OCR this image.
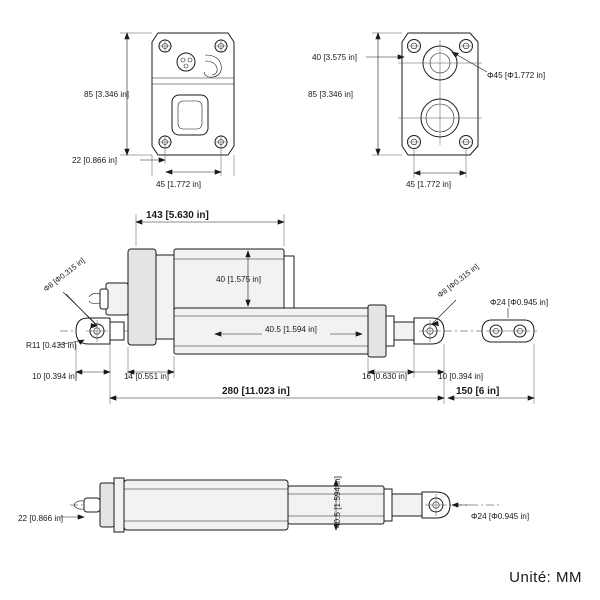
85 [3.346 in]
22 [0.866 in]
45 [1.772 in]
40 [3.575 in]
85 [3.346 in]
Φ45 [Φ1.772 in]
45 [1.772 in]
143 [5.630 in]
40 [1.575 in]
40.5 [1.594 in]
Φ8 [Φ0.315 in]	Φ8 [Φ0.315 in]
R11 [0.433 in]
Φ24 [Φ0.945 in]
10 [0.394 in]	14 [0.551 in]	16 [0.630 in]	10 [0.394 in]
280 [11.023 in]	150 [6 in]
22 [0.866 in]	40.5 [1.594 in]	Φ24 [Φ0.945 in]
Unité: MM
